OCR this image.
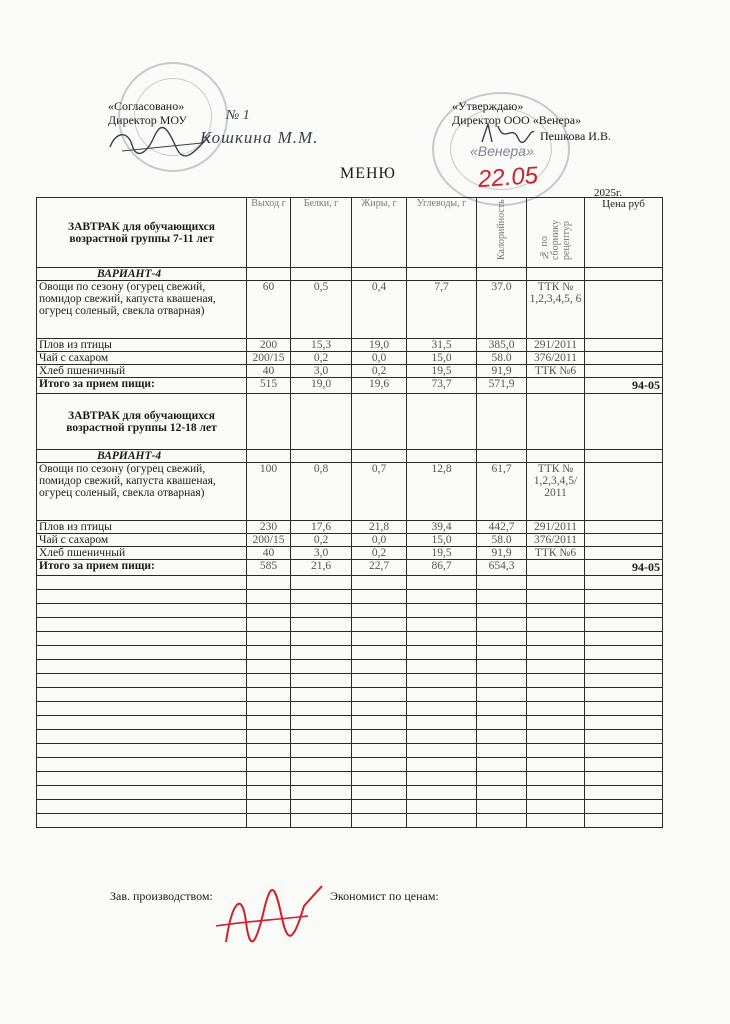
«Венера»
«Согласовано»
Директор МОУ	№ 1
Кошкина М.М.
«Утверждаю»
Директор ООО «Венера»
Пешкова И.В.
МЕНЮ	22.05	2025г.
ЗАВТРАК для обучающихся возрастной группы 7-11 лет	Выход г	Белки, г	Жиры, г	Углеводы, г	Калорийность	№ по сборнику рецептур	Цена руб
ВАРИАНТ-4							
Овощи по сезону (огурец свежий, помидор свежий, капуста квашеная, огурец соленый, свекла отварная)	60	0,5	0,4	7,7	37.0	ТТК № 1,2,3,4,5, 6	
Плов из птицы	200	15,3	19,0	31,5	385,0	291/2011	
Чай с сахаром	200/15	0,2	0,0	15,0	58.0	376/2011	
Хлеб пшеничный	40	3,0	0,2	19,5	91,9	ТТК №6	
Итого за прием пищи:	515	19,0	19,6	73,7	571,9		94-05
ЗАВТРАК для обучающихся возрастной группы 12-18 лет							
ВАРИАНТ-4							
Овощи по сезону (огурец свежий, помидор свежий, капуста квашеная, огурец соленый, свекла отварная)	100	0,8	0,7	12,8	61,7	ТТК № 1,2,3,4,5/ 2011	
Плов из птицы	230	17,6	21,8	39,4	442,7	291/2011	
Чай с сахаром	200/15	0,2	0,0	15,0	58.0	376/2011	
Хлеб пшеничный	40	3,0	0,2	19,5	91,9	ТТК №6	
Итого за прием пищи:	585	21,6	22,7	86,7	654,3		94-05

Зав. производством:	Экономист по ценам:
